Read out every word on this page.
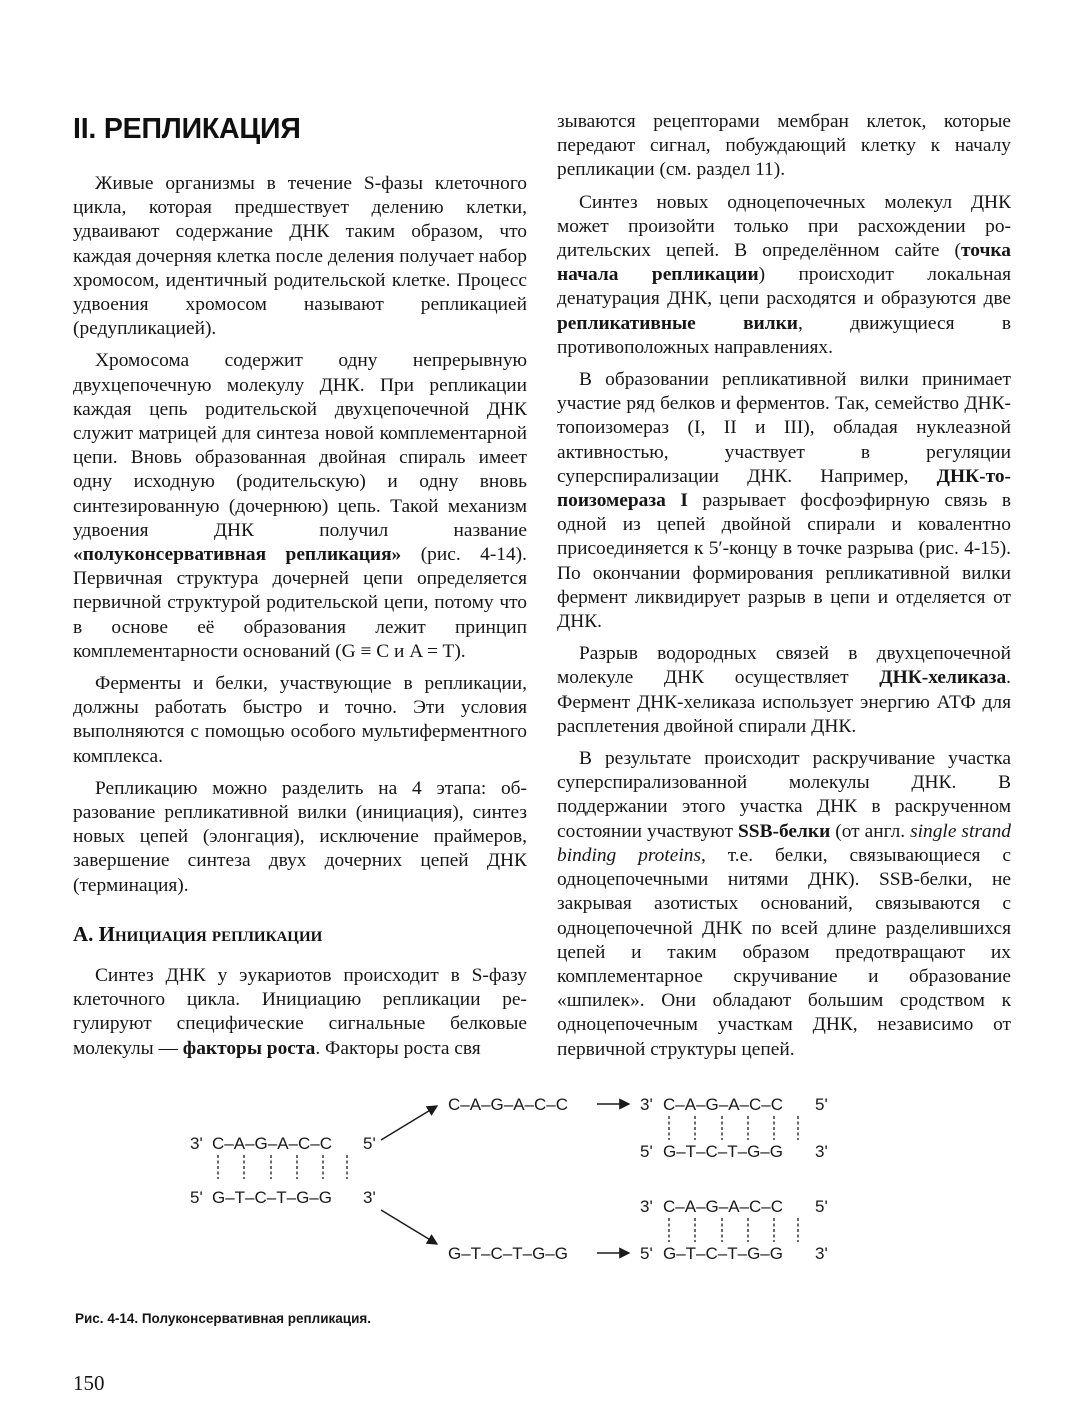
II. РЕПЛИКАЦИЯ

Живые организмы в течение S-фазы клеточного цикла, которая предшествует делению клетки, удваивают содержание ДНК таким образом, что каждая дочерняя клетка после деления получает набор хромосом, идентичный родительской клетке. Процесс удвоения хромосом называют репликацией (редупликацией).

Хромосома содержит одну непрерывную двухцепочечную молекулу ДНК. При репликации каждая цепь родительской двухцепочечной ДНК служит матрицей для синтеза новой комплементарной цепи. Вновь образованная двойная спираль имеет одну исходную (родительскую) и одну вновь синтезированную (дочернюю) цепь. Такой механизм удвоения ДНК получил название «полуконсервативная репликация» (рис. 4-14). Первичная структура дочерней цепи определяется первичной структурой родительской цепи, потому что в основе её образования лежит принцип комплементарности оснований (G ≡ C и A = T).

Ферменты и белки, участвующие в репликации, должны работать быстро и точно. Эти условия выполняются с помощью особого мультиферментного комплекса.

Репликацию можно разделить на 4 этапа: образование репликативной вилки (инициация), синтез новых цепей (элонгация), исключение праймеров, завершение синтеза двух дочерних цепей ДНК (терминация).

А. Инициация репликации

Синтез ДНК у эукариотов происходит в S-фазу клеточного цикла. Инициацию репликации регулируют специфические сигнальные белковые молекулы — факторы роста. Факторы роста свя

зываются рецепторами мембран клеток, которые передают сигнал, побуждающий клетку к началу репликации (см. раздел 11).

Синтез новых одноцепочечных молекул ДНК может произойти только при расхождении родительских цепей. В определённом сайте (точка начала репликации) происходит локальная денатурация ДНК, цепи расходятся и образуются две репликативные вилки, движущиеся в противоположных направлениях.

В образовании репликативной вилки принимает участие ряд белков и ферментов. Так, семейство ДНК-топоизомераз (I, II и III), обладая нуклеазной активностью, участвует в регуляции суперспирализации ДНК. Например, ДНК-топоизомераза I разрывает фосфоэфирную связь в одной из цепей двойной спирали и ковалентно присоединяется к 5′-концу в точке разрыва (рис. 4-15). По окончании формирования репликативной вилки фермент ликвидирует разрыв в цепи и отделяется от ДНК.

Разрыв водородных связей в двухцепочечной молекуле ДНК осуществляет ДНК-хеликаза. Фермент ДНК-хеликаза использует энергию АТФ для расплетения двойной спирали ДНК.

В результате происходит раскручивание участка суперспирализованной молекулы ДНК. В поддержании этого участка ДНК в раскрученном состоянии участвуют SSB-белки (от англ. single strand binding proteins, т.е. белки, связывающиеся с одноцепочечными нитями ДНК). SSB-белки, не закрывая азотистых оснований, связываются с одноцепочечной ДНК по всей длине разделившихся цепей и таким образом предотвращают их комплементарное скручивание и образование «шпилек». Они обладают большим сродством к одноцепочечным участкам ДНК, независимо от первичной структуры цепей.

3' C–A–G–A–C–C 5'
5' G–T–C–T–G–G 3'
C–A–G–A–C–C
G–T–C–T–G–G
3' C–A–G–A–C–C 5'
5' G–T–C–T–G–G 3'
3' C–A–G–A–C–C 5'
5' G–T–C–T–G–G 3'
Рис. 4-14. Полуконсервативная репликация.
150
